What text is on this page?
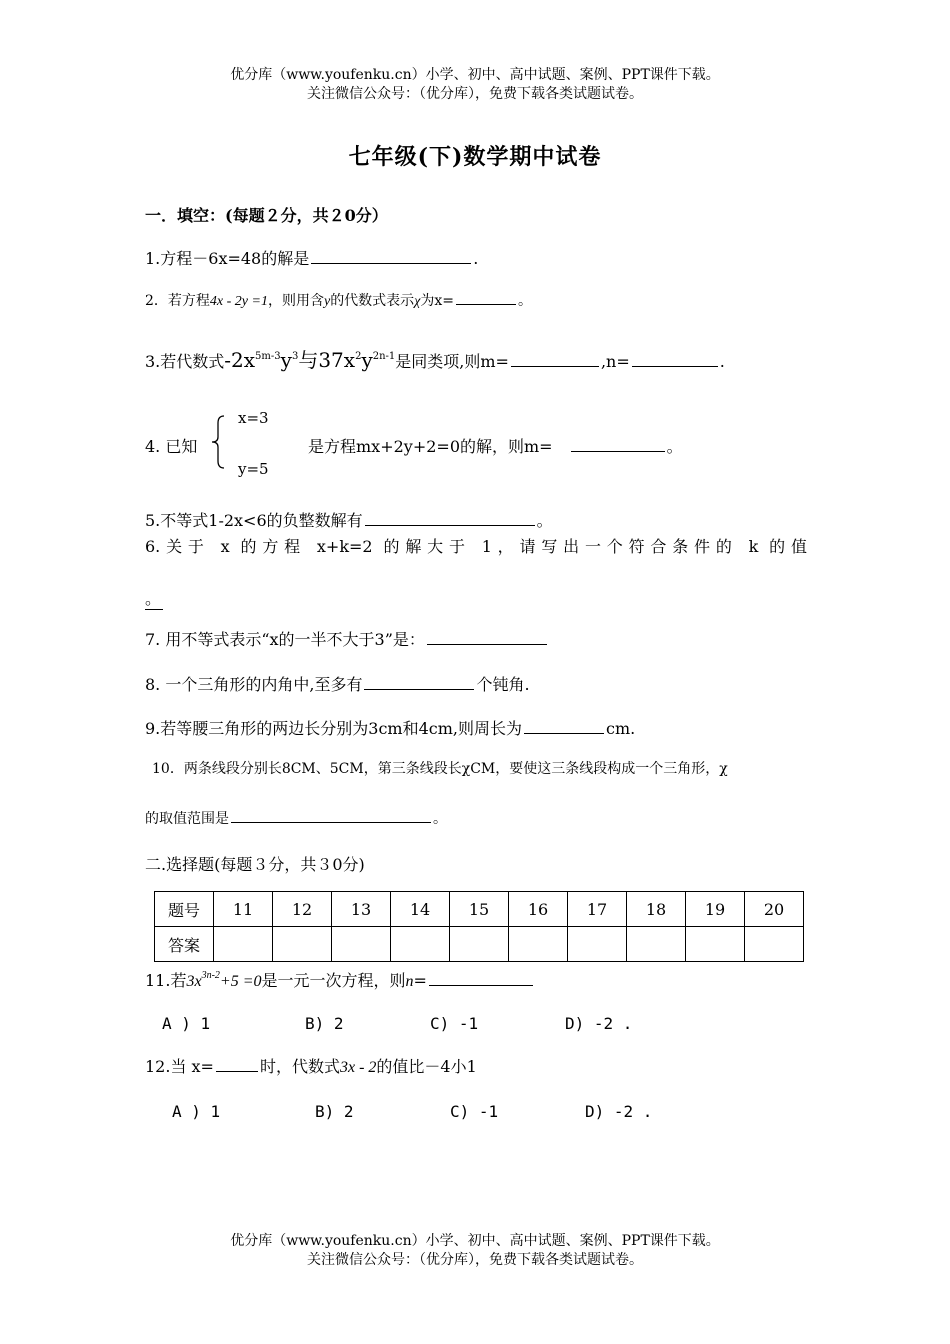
优分库（www.youfenku.cn）小学、初中、高中试题、案例、PPT课件下载。
关注微信公众号：（优分库），免费下载各类试题试卷。
七年级(下)数学期中试卷
一．填空：(每题２分，共２0分）
1.方程－6x=48的解是	.
2．若方程4x - 2y =1，则用含y的代数式表示χ为x=	。
3.若代数式$-2x^{5m-3}y^3$与$37x^2y^{2n-1}$是同类项,则m=	,n=	.
4. 已知
x=3
y=5
是方程mx+2y+2=0的解，则m=	。
5.不等式1-2x<6的负整数解有	。
6.关于 x 的方程 x+k=2 的解大于 1，请写出一个符合条件的 k 的值
。
7. 用不等式表示“x的一半不大于3”是：
8. 一个三角形的内角中,至多有	个钝角.
9.若等腰三角形的两边长分别为3cm和4cm,则周长为	cm.
10．两条线段分别长8CM、5CM，第三条线段长χCM，要使这三条线段构成一个三角形，χ
的取值范围是	。
二.选择题(每题３分，共３0分)
题号	11	12	13	14	15	16	17	18	19	20
答案										
11.若$3x^{3n-2}+5 =0$是一元一次方程，则n=
A ) 1	B) 2	C) -1	D) -2 .
12.当 x=	时，代数式3x - 2的值比－4小1
A ) 1	B) 2	C) -1	D) -2 .
优分库（www.youfenku.cn）小学、初中、高中试题、案例、PPT课件下载。
关注微信公众号：（优分库），免费下载各类试题试卷。
